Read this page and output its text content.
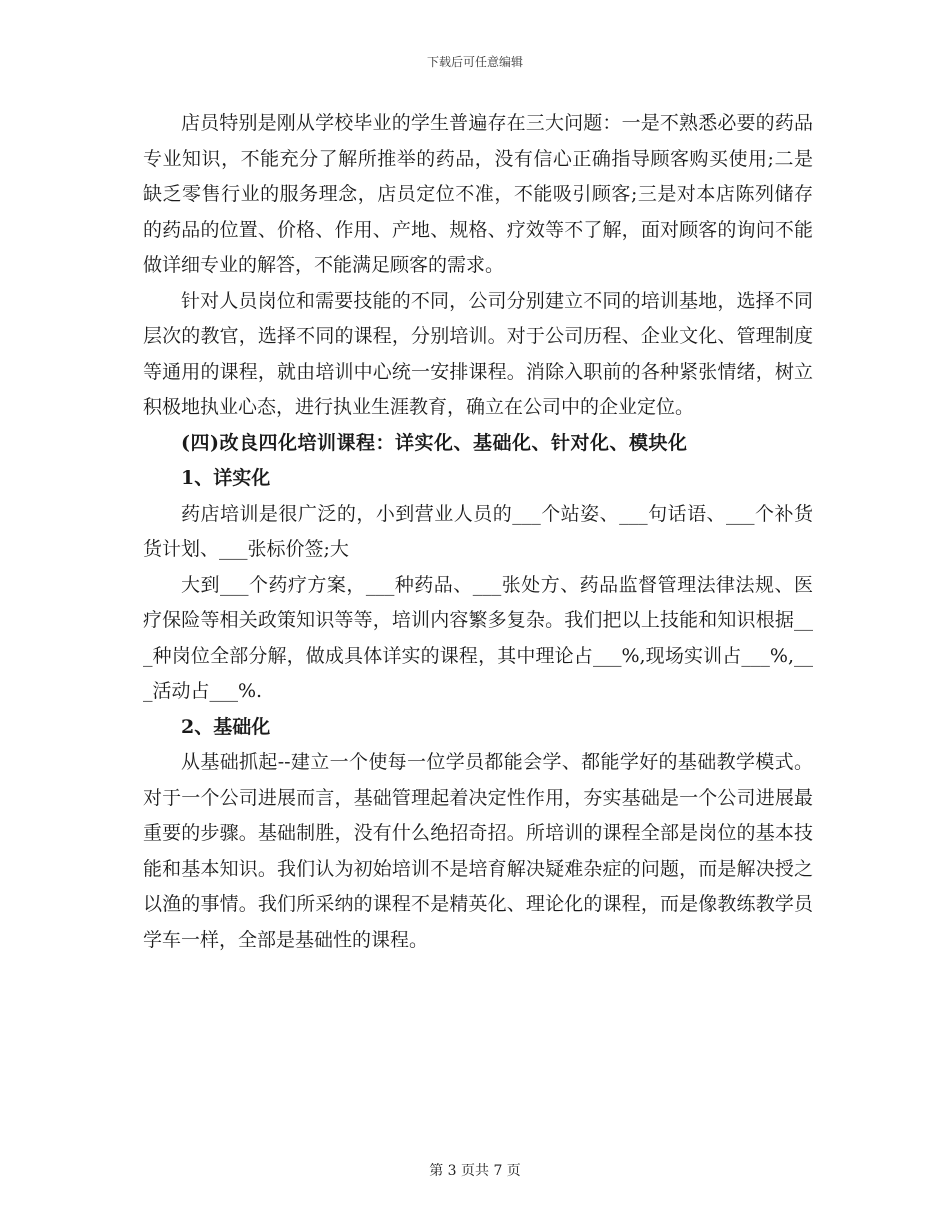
下载后可任意编辑

店员特别是刚从学校毕业的学生普遍存在三大问题：一是不熟悉必要的药品专业知识，不能充分了解所推举的药品，没有信心正确指导顾客购买使用;二是缺乏零售行业的服务理念，店员定位不准，不能吸引顾客;三是对本店陈列储存的药品的位置、价格、作用、产地、规格、疗效等不了解，面对顾客的询问不能做详细专业的解答，不能满足顾客的需求。

针对人员岗位和需要技能的不同，公司分别建立不同的培训基地，选择不同层次的教官，选择不同的课程，分别培训。对于公司历程、企业文化、管理制度等通用的课程，就由培训中心统一安排课程。消除入职前的各种紧张情绪，树立积极地执业心态，进行执业生涯教育，确立在公司中的企业定位。

(四)改良四化培训课程：详实化、基础化、针对化、模块化

1、详实化

药店培训是很广泛的，小到营业人员的___个站姿、___句话语、___个补货货计划、___张标价签;大

大到___个药疗方案，___种药品、___张处方、药品监督管理法律法规、医疗保险等相关政策知识等等，培训内容繁多复杂。我们把以上技能和知识根据___种岗位全部分解，做成具体详实的课程，其中理论占___%,现场实训占___%,___活动占___%.

2、基础化

从基础抓起--建立一个使每一位学员都能会学、都能学好的基础教学模式。对于一个公司进展而言，基础管理起着决定性作用，夯实基础是一个公司进展最重要的步骤。基础制胜，没有什么绝招奇招。所培训的课程全部是岗位的基本技能和基本知识。我们认为初始培训不是培育解决疑难杂症的问题，而是解决授之以渔的事情。我们所采纳的课程不是精英化、理论化的课程，而是像教练教学员学车一样，全部是基础性的课程。

第 3 页共 7 页
